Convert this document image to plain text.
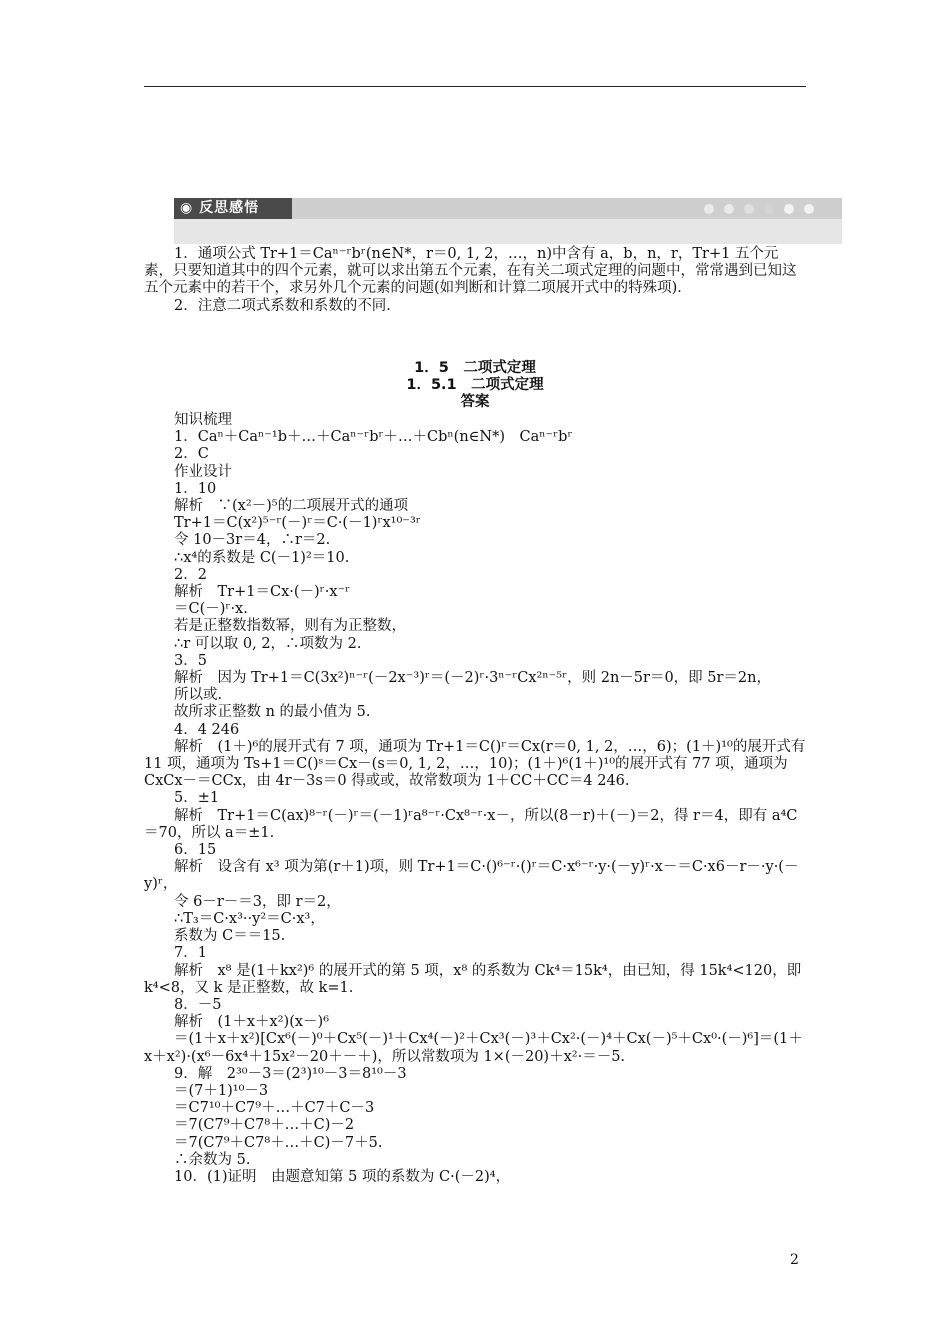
◉ 反思感悟

1．通项公式 Tr+1＝Caⁿ⁻ʳbʳ(n∈N*，r＝0, 1, 2，…，n)中含有 a，b，n，r，Tr+1 五个元素，只要知道其中的四个元素，就可以求出第五个元素，在有关二项式定理的问题中，常常遇到已知这五个元素中的若干个，求另外几个元素的问题(如判断和计算二项展开式中的特殊项)．

2．注意二项式系数和系数的不同．

1．5　二项式定理

1．5.1　二项式定理

答案

知识梳理

1．Caⁿ＋Caⁿ⁻¹b＋…＋Caⁿ⁻ʳbʳ＋…＋Cbⁿ(n∈N*)　Caⁿ⁻ʳbʳ

2．C

作业设计

1．10

解析　∵(x²－)⁵的二项展开式的通项

Tr+1＝C(x²)⁵⁻ʳ(－)ʳ＝C·(－1)ʳx¹⁰⁻³ʳ

令 10－3r＝4，∴r＝2.

∴x⁴的系数是 C(－1)²＝10.

2．2

解析　Tr+1＝Cx·(－)ʳ·x⁻ʳ

＝C(－)ʳ·x.

若是正整数指数幂，则有为正整数，

∴r 可以取 0, 2，∴项数为 2.

3．5

解析　因为 Tr+1＝C(3x²)ⁿ⁻ʳ(－2x⁻³)ʳ＝(－2)ʳ·3ⁿ⁻ʳCx²ⁿ⁻⁵ʳ，则 2n－5r＝0，即 5r＝2n，

所以或.

故所求正整数 n 的最小值为 5.

4．4 246

解析　(1＋)⁶的展开式有 7 项，通项为 Tr+1＝C()ʳ＝Cx(r＝0, 1, 2，…，6)；(1＋)¹⁰的展开式有 11 项，通项为 Ts+1＝C()ˢ＝Cx－(s＝0, 1, 2，…，10)；(1＋)⁶(1＋)¹⁰的展开式有 77 项，通项为 CxCx－＝CCx，由 4r－3s＝0 得或或，故常数项为 1＋CC＋CC＝4 246.

5．±1

解析　Tr+1＝C(ax)⁸⁻ʳ(－)ʳ＝(－1)ʳa⁸⁻ʳ·Cx⁸⁻ʳ·x－，所以(8－r)＋(－)＝2，得 r＝4，即有 a⁴C＝70，所以 a＝±1.

6．15

解析　设含有 x³ 项为第(r＋1)项，则 Tr+1＝C·()⁶⁻ʳ·()ʳ＝C·x⁶⁻ʳ·y·(－y)ʳ·x－＝C·x6－r－·y·(－y)ʳ，

令 6－r－＝3，即 r＝2，

∴T₃＝C·x³··y²＝C·x³，

系数为 C＝＝15.

7．1

解析　x⁸ 是(1＋kx²)⁶ 的展开式的第 5 项，x⁸ 的系数为 Ck⁴＝15k⁴，由已知，得 15k⁴<120，即 k⁴<8，又 k 是正整数，故 k=1.

8．－5

解析　(1＋x＋x²)(x－)⁶

＝(1＋x＋x²)[Cx⁶(－)⁰＋Cx⁵(－)¹＋Cx⁴(－)²＋Cx³(－)³＋Cx²·(－)⁴＋Cx(－)⁵＋Cx⁰·(－)⁶]＝(1＋x＋x²)·(x⁶－6x⁴＋15x²－20＋－＋)，所以常数项为 1×(－20)＋x²·＝－5.

9．解　2³⁰－3＝(2³)¹⁰－3＝8¹⁰－3

＝(7＋1)¹⁰－3

＝C7¹⁰＋C7⁹＋…＋C7＋C－3

＝7(C7⁹＋C7⁸＋…＋C)－2

＝7(C7⁹＋C7⁸＋…＋C)－7＋5.

∴余数为 5.

10．(1)证明　由题意知第 5 项的系数为 C·(－2)⁴，

2
